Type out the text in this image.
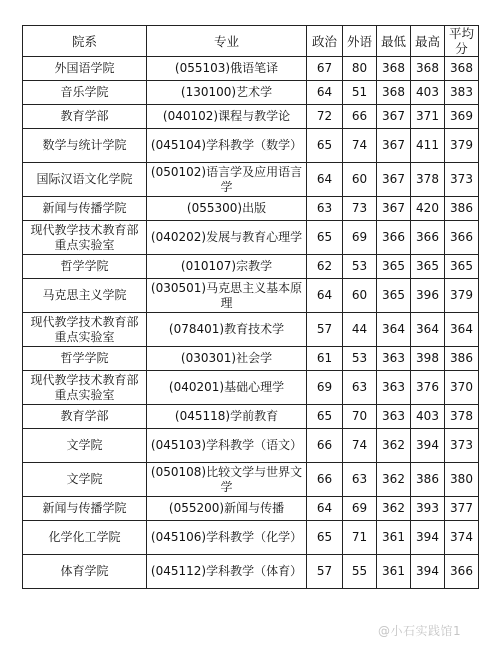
院系	专业	政治	外语	最低	最高	平均分
外国语学院	(055103)俄语笔译	67	80	368	368	368
音乐学院	(130100)艺术学	64	51	368	403	383
教育学部	(040102)课程与教学论	72	66	367	371	369
数学与统计学院	(045104)学科教学（数学）	65	74	367	411	379
国际汉语文化学院	(050102)语言学及应用语言学	64	60	367	378	373
新闻与传播学院	(055300)出版	63	73	367	420	386
现代教学技术教育部重点实验室	(040202)发展与教育心理学	65	69	366	366	366
哲学学院	(010107)宗教学	62	53	365	365	365
马克思主义学院	(030501)马克思主义基本原理	64	60	365	396	379
现代教学技术教育部重点实验室	(078401)教育技术学	57	44	364	364	364
哲学学院	(030301)社会学	61	53	363	398	386
现代教学技术教育部重点实验室	(040201)基础心理学	69	63	363	376	370
教育学部	(045118)学前教育	65	70	363	403	378
文学院	(045103)学科教学（语文）	66	74	362	394	373
文学院	(050108)比较文学与世界文学	66	63	362	386	380
新闻与传播学院	(055200)新闻与传播	64	69	362	393	377
化学化工学院	(045106)学科教学（化学）	65	71	361	394	374
体育学院	(045112)学科教学（体育）	57	55	361	394	366
@小石实践馆1
